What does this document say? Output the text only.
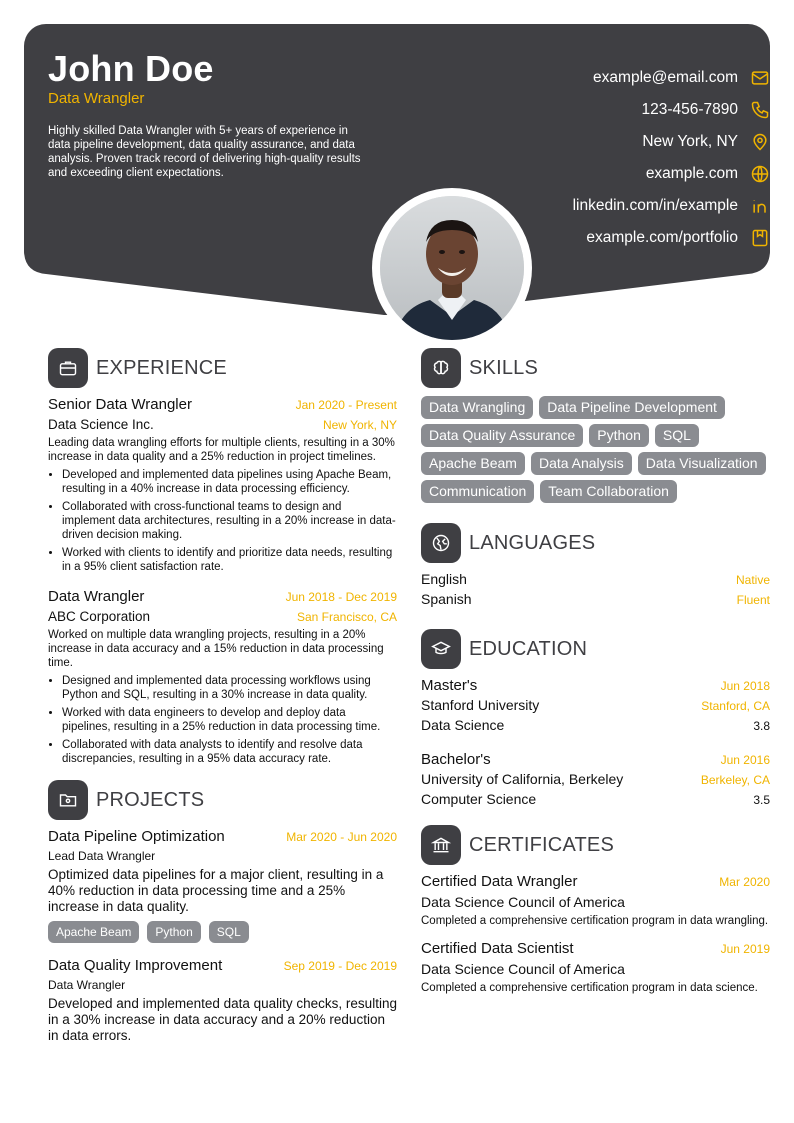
John Doe
Data Wrangler
Highly skilled Data Wrangler with 5+ years of experience in data pipeline development, data quality assurance, and data analysis. Proven track record of delivering high-quality results and exceeding client expectations.
example@email.com
123-456-7890
New York, NY
example.com
linkedin.com/in/example
example.com/portfolio
EXPERIENCE
Senior Data Wrangler	Jan 2020 - Present
Data Science Inc.	New York, NY
Leading data wrangling efforts for multiple clients, resulting in a 30% increase in data quality and a 25% reduction in project timelines.
• Developed and implemented data pipelines using Apache Beam, resulting in a 40% increase in data processing efficiency.
• Collaborated with cross-functional teams to design and implement data architectures, resulting in a 20% increase in data-driven decision making.
• Worked with clients to identify and prioritize data needs, resulting in a 95% client satisfaction rate.
Data Wrangler	Jun 2018 - Dec 2019
ABC Corporation	San Francisco, CA
Worked on multiple data wrangling projects, resulting in a 20% increase in data accuracy and a 15% reduction in data processing time.
• Designed and implemented data processing workflows using Python and SQL, resulting in a 30% increase in data quality.
• Worked with data engineers to develop and deploy data pipelines, resulting in a 25% reduction in data processing time.
• Collaborated with data analysts to identify and resolve data discrepancies, resulting in a 95% data accuracy rate.
PROJECTS
Data Pipeline Optimization	Mar 2020 - Jun 2020
Lead Data Wrangler
Optimized data pipelines for a major client, resulting in a 40% reduction in data processing time and a 25% increase in data quality.
Apache Beam	Python	SQL
Data Quality Improvement	Sep 2019 - Dec 2019
Data Wrangler
Developed and implemented data quality checks, resulting in a 30% increase in data accuracy and a 20% reduction in data errors.
SKILLS
Data Wrangling	Data Pipeline Development
Data Quality Assurance	Python	SQL
Apache Beam	Data Analysis	Data Visualization
Communication	Team Collaboration
LANGUAGES
English	Native
Spanish	Fluent
EDUCATION
Master's	Jun 2018
Stanford University	Stanford, CA
Data Science	3.8
Bachelor's	Jun 2016
University of California, Berkeley	Berkeley, CA
Computer Science	3.5
CERTIFICATES
Certified Data Wrangler	Mar 2020
Data Science Council of America
Completed a comprehensive certification program in data wrangling.
Certified Data Scientist	Jun 2019
Data Science Council of America
Completed a comprehensive certification program in data science.
